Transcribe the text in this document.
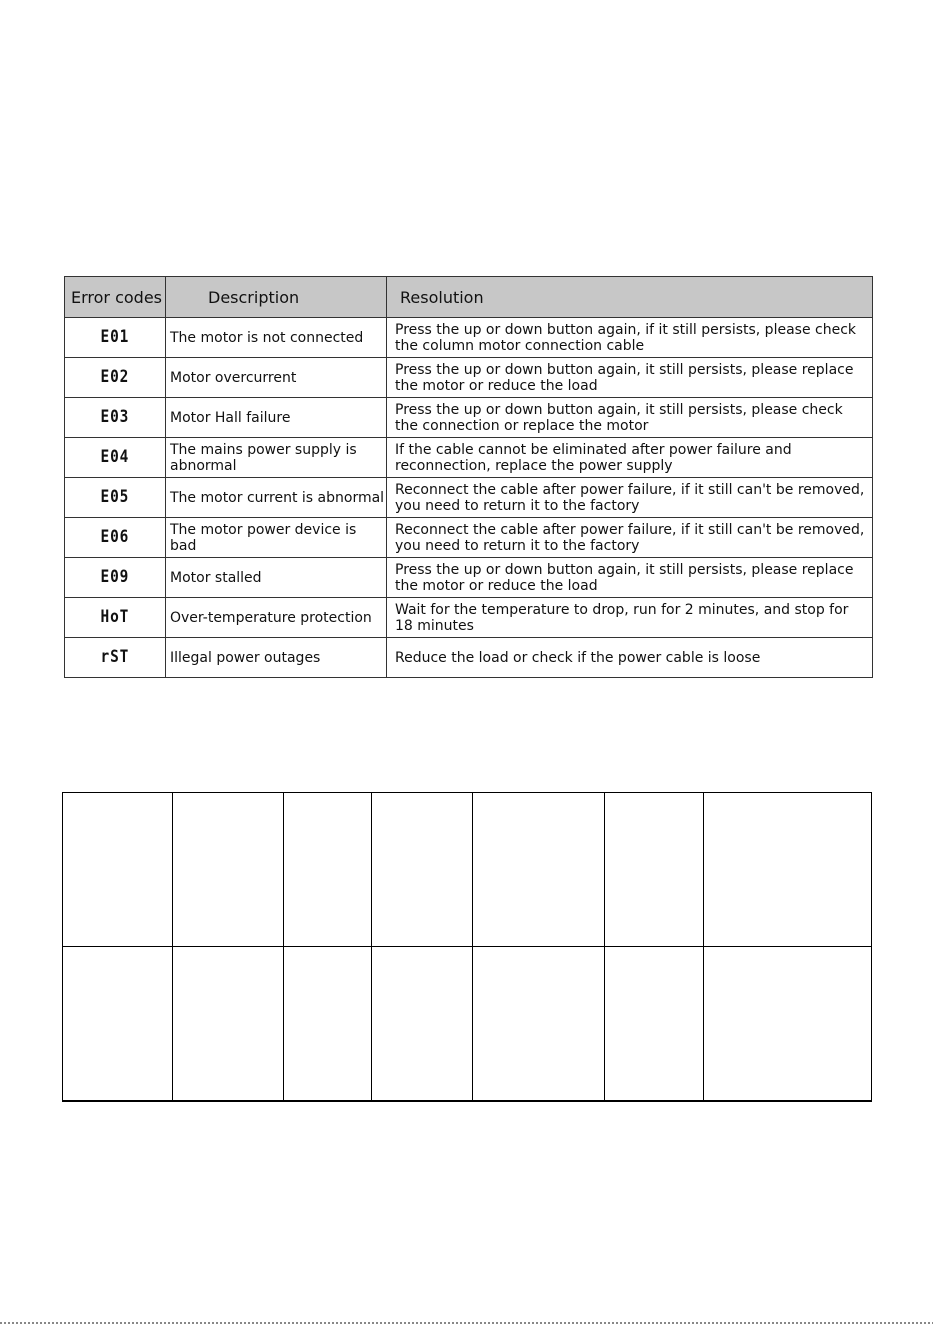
Error codes	Description	Resolution
E01	The motor is not connected	Press the up or down button again, if it still persists, please check the column motor connection cable
E02	Motor overcurrent	Press the up or down button again, it still persists, please replace the motor or reduce the load
E03	Motor Hall failure	Press the up or down button again, it still persists, please check the connection or replace the motor
E04	The mains power supply is abnormal	If the cable cannot be eliminated after power failure and reconnection, replace the power supply
E05	The motor current is abnormal	Reconnect the cable after power failure, if it still can't be removed, you need to return it to the factory
E06	The motor power device is bad	Reconnect the cable after power failure, if it still can't be removed, you need to return it to the factory
E09	Motor stalled	Press the up or down button again, it still persists, please replace the motor or reduce the load
HoT	Over-temperature protection	Wait for the temperature to drop, run for 2 minutes, and stop for 18 minutes
rST	Illegal power outages	Reduce the load or check if the power cable is loose
